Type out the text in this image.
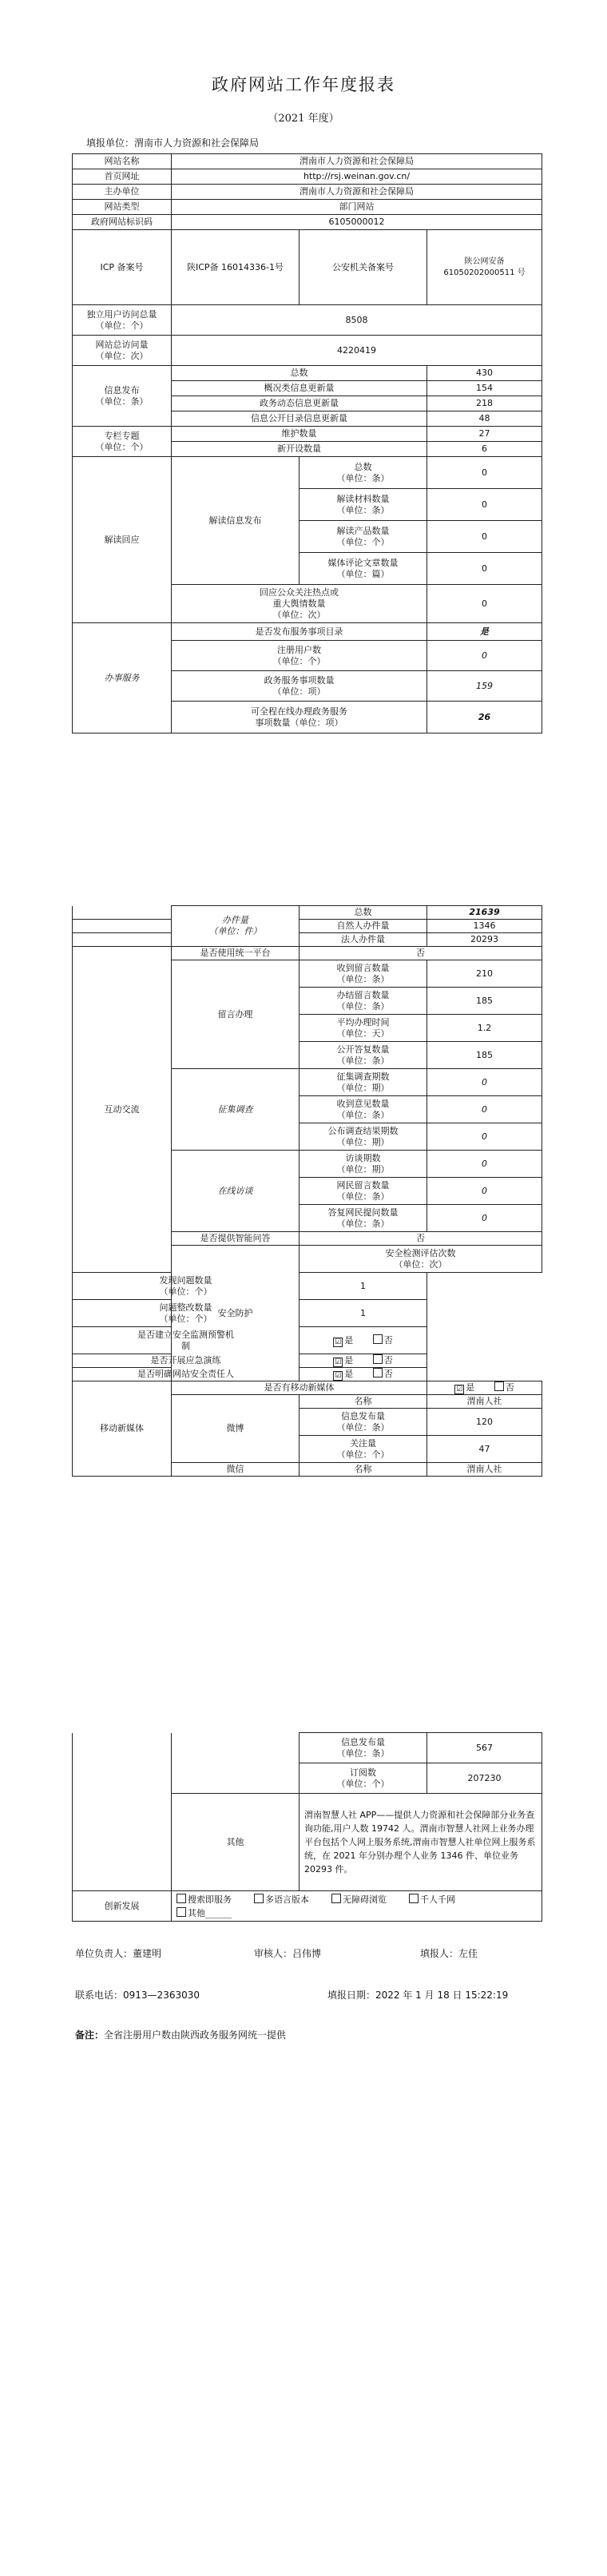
政府网站工作年度报表
（2021 年度）
填报单位：渭南市人力资源和社会保障局
网站名称	渭南市人力资源和社会保障局		
首页网址	http://rsj.weinan.gov.cn/		
主办单位	渭南市人力资源和社会保障局		
网站类型	部门网站		
政府网站标识码	6105000012		
ICP 备案号	陕ICP备 16014336-1号	公安机关备案号	陕公网安备
61050202000511 号

独立用户访问总量
（单位：个）	8508		

网站总访问量
（单位：次）	4220419		

信息发布
（单位：条）	总数		430
	概况类信息更新量		154
	政务动态信息更新量		218
	信息公开目录信息更新量		48

专栏专题
（单位：个）	维护数量		27
	新开设数量		6
解读回应	解读信息发布	总数
（单位：条）	0

		解读材料数量
（单位：条）	0

		解读产品数量
（单位：个）	0

		媒体评论文章数量
（单位：篇）	0

	回应公众关注热点或
重大舆情数量
（单位：次）		0
办事服务	是否发布服务事项目录		是

	注册用户数
（单位：个）		0

	政务服务事项数量
（单位：项）		159

	可全程在线办理政务服务
事项数量（单位：项）		26

	办件量
（单位：件）	总数	21639	
		自然人办件量	1346	
		法人办件量	20293	
互动交流	是否使用统一平台	否		
	留言办理	收到留言数量
（单位：条）	210	

		办结留言数量
（单位：条）	185	

		平均办理时间
（单位：天）	1.2	

		公开答复数量
（单位：条）	185	
	征集调查	征集调查期数
（单位：期）	0	

		收到意见数量
（单位：条）	0	

		公布调查结果期数
（单位：期）	0	
	在线访谈	访谈期数
（单位：期）	0	

		网民留言数量
（单位：条）	0	

		答复网民提问数量
（单位：条）	0	
	是否提供智能问答	否		
	安全防护	安全检测评估次数
（单位：次）

发现问题数量
（单位：个）		1		

问题整改数量
（单位：个）		1		

是否建立安全监测预警机
制		☑ 是 否		
是否开展应急演练		☑ 是 否		
是否明确网站安全责任人		☑ 是 否		
移动新媒体	是否有移动新媒体		☑ 是 否	
	微博	名称	渭南人社	

		信息发布量
（单位：条）	120	

		关注量
（单位：个）	47	
	微信	名称	渭南人社	

		信息发布量
（单位：条）	567

		订阅数
（单位：个）	207230
	其他	渭南智慧人社 APP——提供人力资源和社会保障部分业务查询功能,用户人数 19742 人。渭南市智慧人社网上业务办理平台包括个人网上服务系统,渭南市智慧人社单位网上服务系统，在 2021 年分别办理个人业务 1346 件、单位业务 20293 件。	
创新发展	搜索即服务 多语言版本 无障碍浏览 千人千网
其他______		
单位负责人：董建明	审核人：吕伟博	填报人：左佳
联系电话：0913—2363030	填报日期：2022 年 1 月 18 日 15:22:19
备注：全省注册用户数由陕西政务服务网统一提供
